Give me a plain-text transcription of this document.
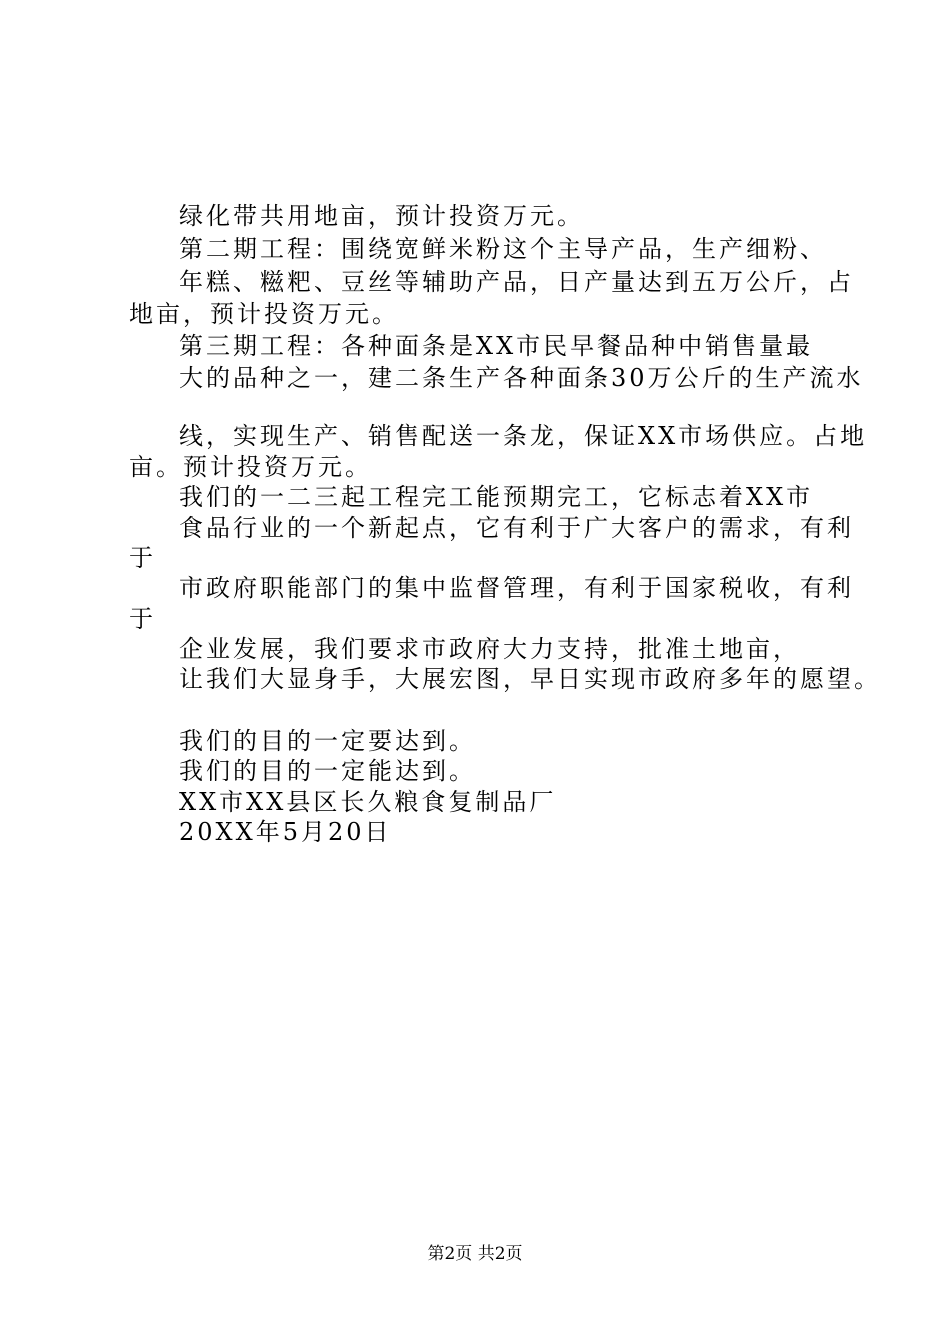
绿化带共用地亩，预计投资万元。
第二期工程：围绕宽鲜米粉这个主导产品，生产细粉、
年糕、糍粑、豆丝等辅助产品，日产量达到五万公斤，占
地亩，预计投资万元。
第三期工程：各种面条是XX市民早餐品种中销售量最
大的品种之一，建二条生产各种面条30万公斤的生产流水
线，实现生产、销售配送一条龙，保证XX市场供应。占地
亩。预计投资万元。
我们的一二三起工程完工能预期完工，它标志着XX市
食品行业的一个新起点，它有利于广大客户的需求，有利
于
市政府职能部门的集中监督管理，有利于国家税收，有利
于
企业发展，我们要求市政府大力支持，批准土地亩，
让我们大显身手，大展宏图，早日实现市政府多年的愿望。
我们的目的一定要达到。
我们的目的一定能达到。
XX市XX县区长久粮食复制品厂
20XX年5月20日
第2页 共2页
